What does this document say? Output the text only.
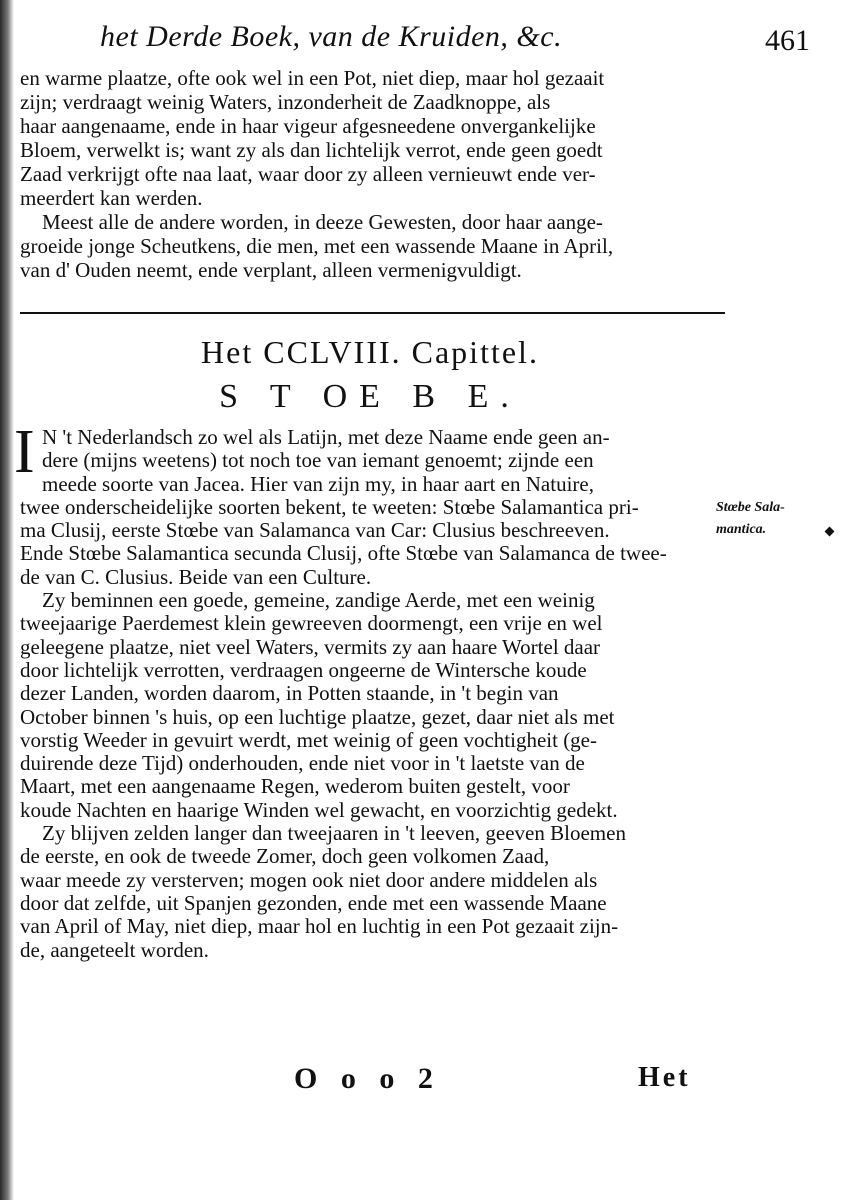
het Derde Boek, van de Kruiden, &c.	461
en warme plaatze, ofte ook wel in een Pot, niet diep, maar hol gezaait
zijn; verdraagt weinig Waters, inzonderheit de Zaadknoppe, als
haar aangenaame, ende in haar vigeur afgesneedene onvergankelijke
Bloem, verwelkt is; want zy als dan lichtelijk verrot, ende geen goedt
Zaad verkrijgt ofte naa laat, waar door zy alleen vernieuwt ende ver-
meerdert kan werden.
Meest alle de andere worden, in deeze Gewesten, door haar aange-
groeide jonge Scheutkens, die men, met een wassende Maane in April,
van d' Ouden neemt, ende verplant, alleen vermenigvuldigt.
Het CCLVIII. Capittel.
S T OE B E.
I N 't Nederlandsch zo wel als Latijn, met deze Naame ende geen an-
dere (mijns weetens) tot noch toe van iemant genoemt; zijnde een
meede soorte van Jacea. Hier van zijn my, in haar aart en Natuire,
twee onderscheidelijke soorten bekent, te weeten: Stœbe Salamantica pri-
ma Clusij, eerste Stœbe van Salamanca van Car: Clusius beschreeven.
Ende Stœbe Salamantica secunda Clusij, ofte Stœbe van Salamanca de twee-
de van C. Clusius. Beide van een Culture.
Zy beminnen een goede, gemeine, zandige Aerde, met een weinig
tweejaarige Paerdemest klein gewreeven doormengt, een vrije en wel
geleegene plaatze, niet veel Waters, vermits zy aan haare Wortel daar
door lichtelijk verrotten, verdraagen ongeerne de Wintersche koude
dezer Landen, worden daarom, in Potten staande, in 't begin van
October binnen 's huis, op een luchtige plaatze, gezet, daar niet als met
vorstig Weeder in gevuirt werdt, met weinig of geen vochtigheit (ge-
duirende deze Tijd) onderhouden, ende niet voor in 't laetste van de
Maart, met een aangenaame Regen, wederom buiten gestelt, voor
koude Nachten en haarige Winden wel gewacht, en voorzichtig gedekt.
Zy blijven zelden langer dan tweejaaren in 't leeven, geeven Bloemen
de eerste, en ook de tweede Zomer, doch geen volkomen Zaad,
waar meede zy versterven; mogen ook niet door andere middelen als
door dat zelfde, uit Spanjen gezonden, ende met een wassende Maane
van April of May, niet diep, maar hol en luchtig in een Pot gezaait zijn-
de, aangeteelt worden.
Stœbe Sala-
mantica.
O o o 2	Het
